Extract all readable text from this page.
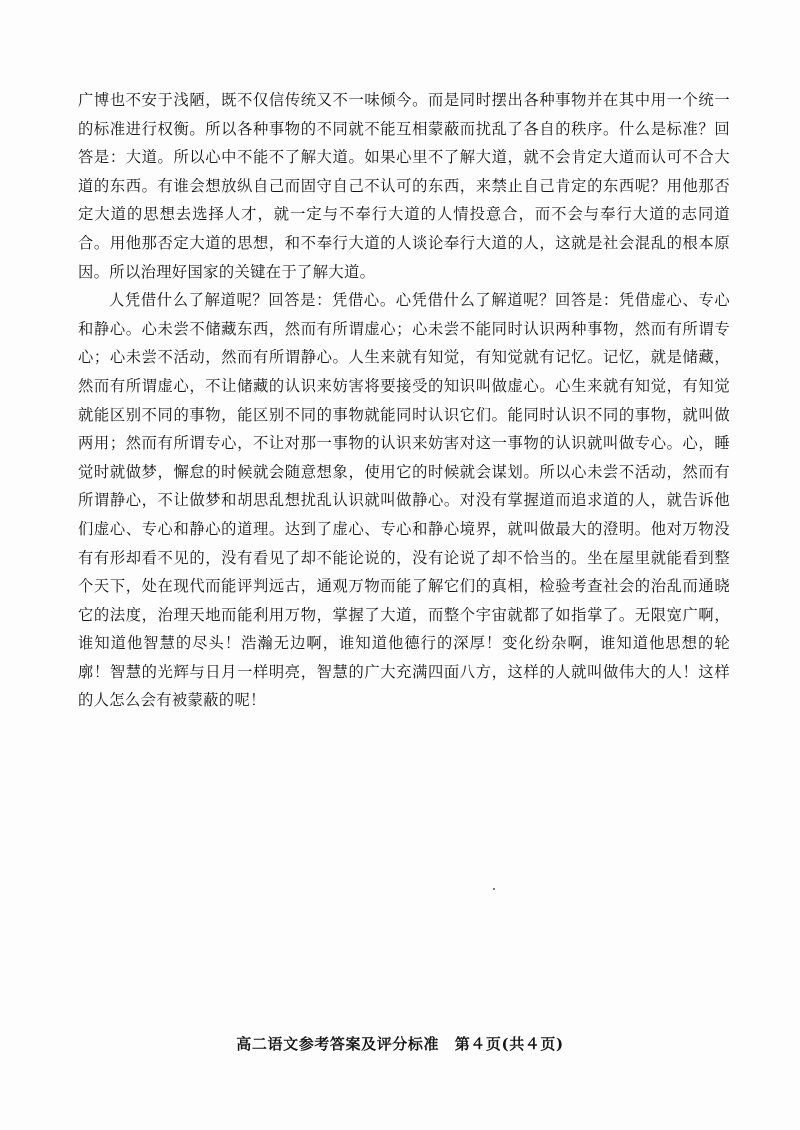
广博也不安于浅陋，既不仅信传统又不一味倾今。而是同时摆出各种事物并在其中用一个统一的标准进行权衡。所以各种事物的不同就不能互相蒙蔽而扰乱了各自的秩序。什么是标准？回答是：大道。所以心中不能不了解大道。如果心里不了解大道，就不会肯定大道而认可不合大道的东西。有谁会想放纵自己而固守自己不认可的东西，来禁止自己肯定的东西呢？用他那否定大道的思想去选择人才，就一定与不奉行大道的人情投意合，而不会与奉行大道的志同道合。用他那否定大道的思想，和不奉行大道的人谈论奉行大道的人，这就是社会混乱的根本原因。所以治理好国家的关键在于了解大道。

人凭借什么了解道呢？回答是：凭借心。心凭借什么了解道呢？回答是：凭借虚心、专心和静心。心未尝不储藏东西，然而有所谓虚心；心未尝不能同时认识两种事物，然而有所谓专心；心未尝不活动，然而有所谓静心。人生来就有知觉，有知觉就有记忆。记忆，就是储藏，然而有所谓虚心，不让储藏的认识来妨害将要接受的知识叫做虚心。心生来就有知觉，有知觉就能区别不同的事物，能区别不同的事物就能同时认识它们。能同时认识不同的事物，就叫做两用；然而有所谓专心，不让对那一事物的认识来妨害对这一事物的认识就叫做专心。心，睡觉时就做梦，懈怠的时候就会随意想象，使用它的时候就会谋划。所以心未尝不活动，然而有所谓静心，不让做梦和胡思乱想扰乱认识就叫做静心。对没有掌握道而追求道的人，就告诉他们虚心、专心和静心的道理。达到了虚心、专心和静心境界，就叫做最大的澄明。他对万物没有有形却看不见的，没有看见了却不能论说的，没有论说了却不恰当的。坐在屋里就能看到整个天下，处在现代而能评判远古，通观万物而能了解它们的真相，检验考查社会的治乱而通晓它的法度，治理天地而能利用万物，掌握了大道，而整个宇宙就都了如指掌了。无限宽广啊，谁知道他智慧的尽头！浩瀚无边啊，谁知道他德行的深厚！变化纷杂啊，谁知道他思想的轮廓！智慧的光辉与日月一样明亮，智慧的广大充满四面八方，这样的人就叫做伟大的人！这样的人怎么会有被蒙蔽的呢！

高二语文参考答案及评分标准　第４页(共４页)
